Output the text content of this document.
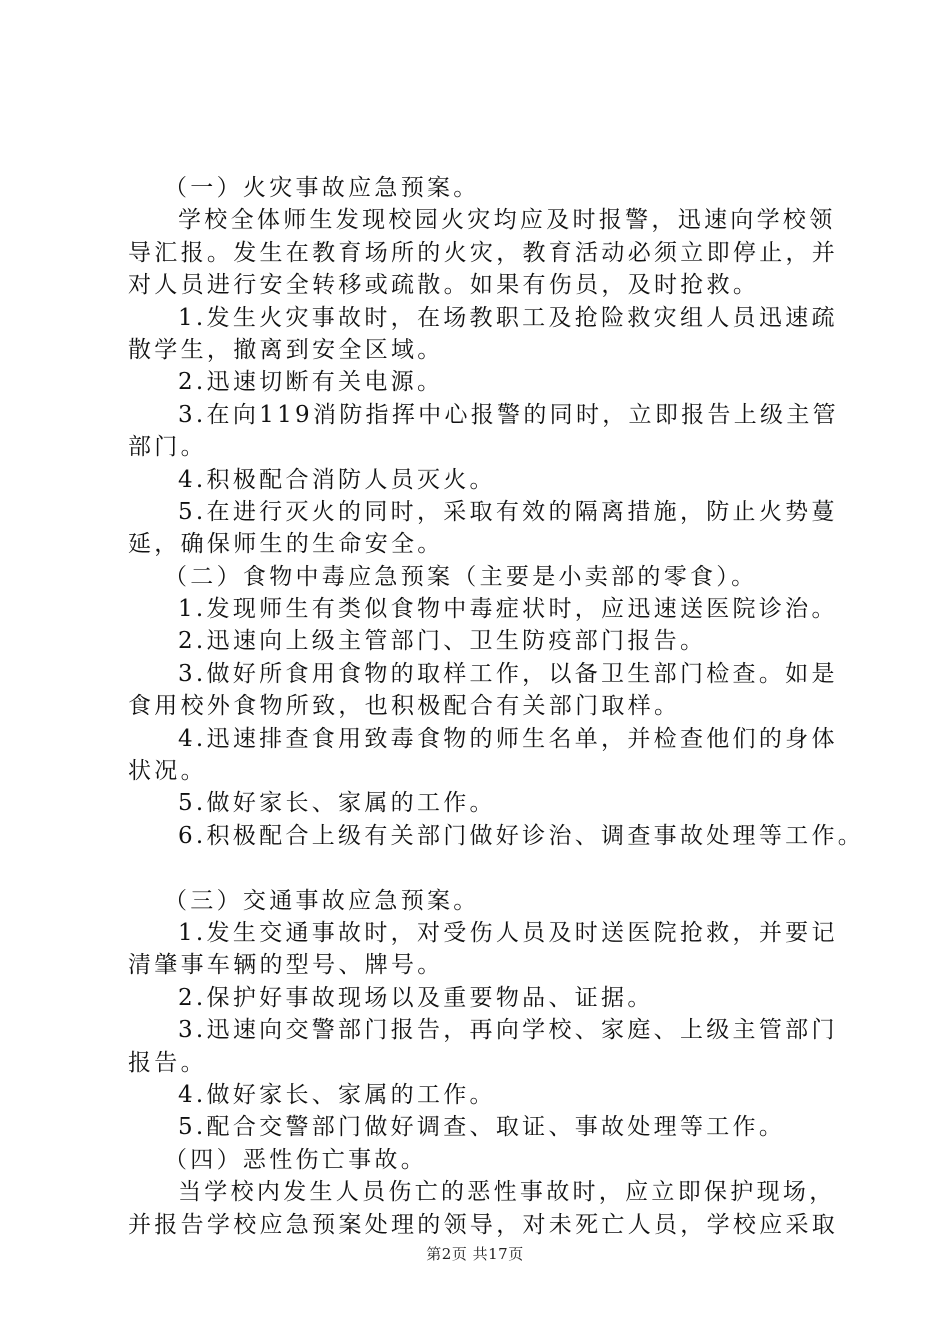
（一）火灾事故应急预案。
学校全体师生发现校园火灾均应及时报警，迅速向学校领
导汇报。发生在教育场所的火灾，教育活动必须立即停止，并
对人员进行安全转移或疏散。如果有伤员，及时抢救。
1.发生火灾事故时，在场教职工及抢险救灾组人员迅速疏
散学生，撤离到安全区域。
2.迅速切断有关电源。
3.在向119消防指挥中心报警的同时，立即报告上级主管
部门。
4.积极配合消防人员灭火。
5.在进行灭火的同时，采取有效的隔离措施，防止火势蔓
延，确保师生的生命安全。
（二）食物中毒应急预案（主要是小卖部的零食）。
1.发现师生有类似食物中毒症状时，应迅速送医院诊治。
2.迅速向上级主管部门、卫生防疫部门报告。
3.做好所食用食物的取样工作，以备卫生部门检查。如是
食用校外食物所致，也积极配合有关部门取样。
4.迅速排查食用致毒食物的师生名单，并检查他们的身体
状况。
5.做好家长、家属的工作。
6.积极配合上级有关部门做好诊治、调查事故处理等工作。
（三）交通事故应急预案。
1.发生交通事故时，对受伤人员及时送医院抢救，并要记
清肇事车辆的型号、牌号。
2.保护好事故现场以及重要物品、证据。
3.迅速向交警部门报告，再向学校、家庭、上级主管部门
报告。
4.做好家长、家属的工作。
5.配合交警部门做好调查、取证、事故处理等工作。
（四）恶性伤亡事故。
当学校内发生人员伤亡的恶性事故时，应立即保护现场，
并报告学校应急预案处理的领导，对未死亡人员，学校应采取
第2页 共17页
